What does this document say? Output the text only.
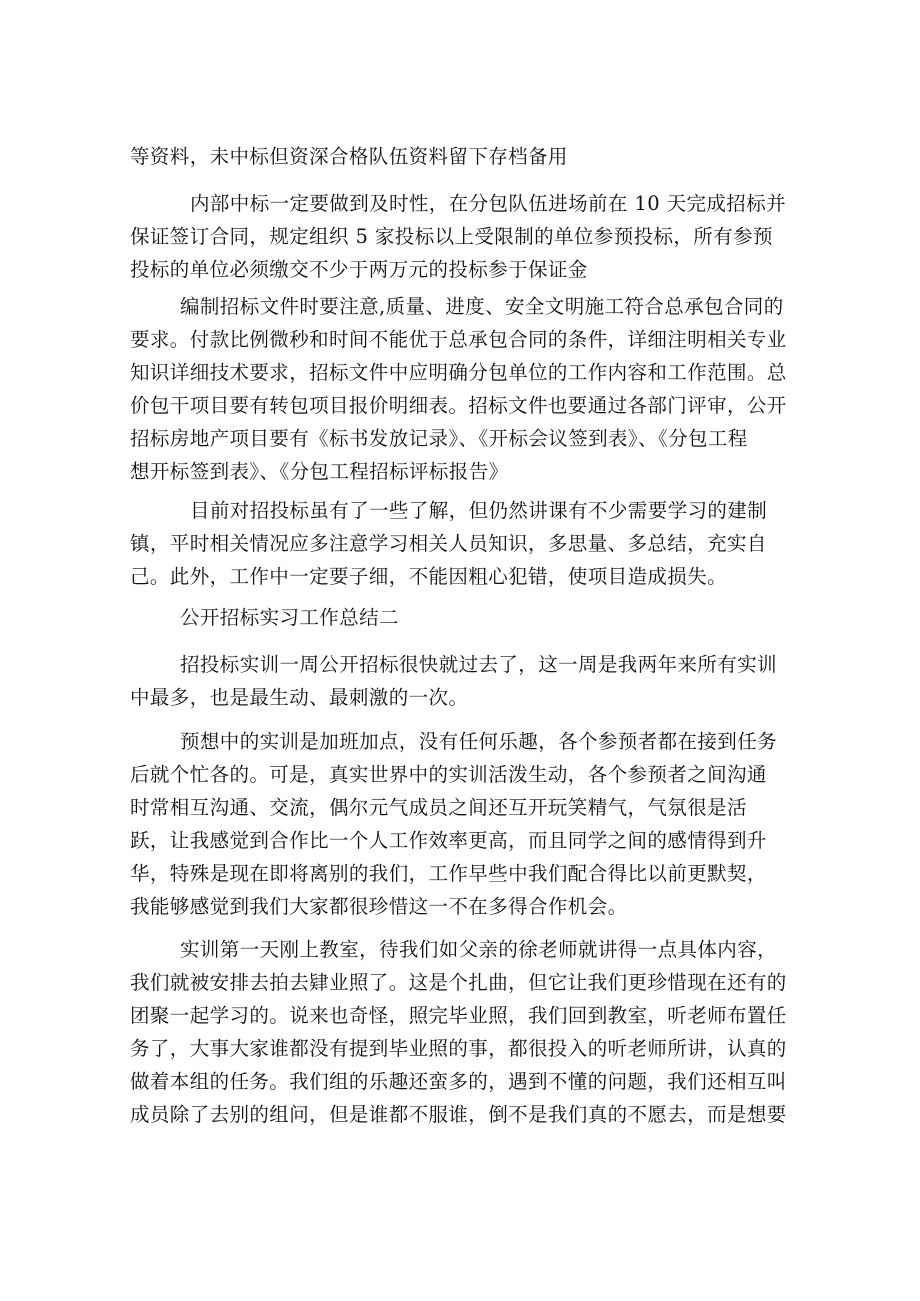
等资料，未中标但资深合格队伍资料留下存档备用
内部中标一定要做到及时性，在分包队伍进场前在 10 天完成招标并
保证签订合同，规定组织 5 家投标以上受限制的单位参预投标，所有参预
投标的单位必须缴交不少于两万元的投标参于保证金
编制招标文件时要注意,质量、进度、安全文明施工符合总承包合同的
要求。付款比例微秒和时间不能优于总承包合同的条件，详细注明相关专业
知识详细技术要求，招标文件中应明确分包单位的工作内容和工作范围。总
价包干项目要有转包项目报价明细表。招标文件也要通过各部门评审，公开
招标房地产项目要有《标书发放记录》、《开标会议签到表》、《分包工程
想开标签到表》、《分包工程招标评标报告》
目前对招投标虽有了一些了解，但仍然讲课有不少需要学习的建制
镇，平时相关情况应多注意学习相关人员知识，多思量、多总结，充实自
己。此外，工作中一定要子细，不能因粗心犯错，使项目造成损失。
公开招标实习工作总结二
招投标实训一周公开招标很快就过去了，这一周是我两年来所有实训
中最多，也是最生动、最刺激的一次。
预想中的实训是加班加点，没有任何乐趣，各个参预者都在接到任务
后就个忙各的。可是，真实世界中的实训活泼生动，各个参预者之间沟通
时常相互沟通、交流，偶尔元气成员之间还互开玩笑精气，气氛很是活
跃，让我感觉到合作比一个人工作效率更高，而且同学之间的感情得到升
华，特殊是现在即将离别的我们，工作早些中我们配合得比以前更默契，
我能够感觉到我们大家都很珍惜这一不在多得合作机会。
实训第一天刚上教室，待我们如父亲的徐老师就讲得一点具体内容，
我们就被安排去拍去肄业照了。这是个扎曲，但它让我们更珍惜现在还有的
团聚一起学习的。说来也奇怪，照完毕业照，我们回到教室，听老师布置任
务了，大事大家谁都没有提到毕业照的事，都很投入的听老师所讲，认真的
做着本组的任务。我们组的乐趣还蛮多的，遇到不懂的问题，我们还相互叫
成员除了去别的组问，但是谁都不服谁，倒不是我们真的不愿去，而是想要
